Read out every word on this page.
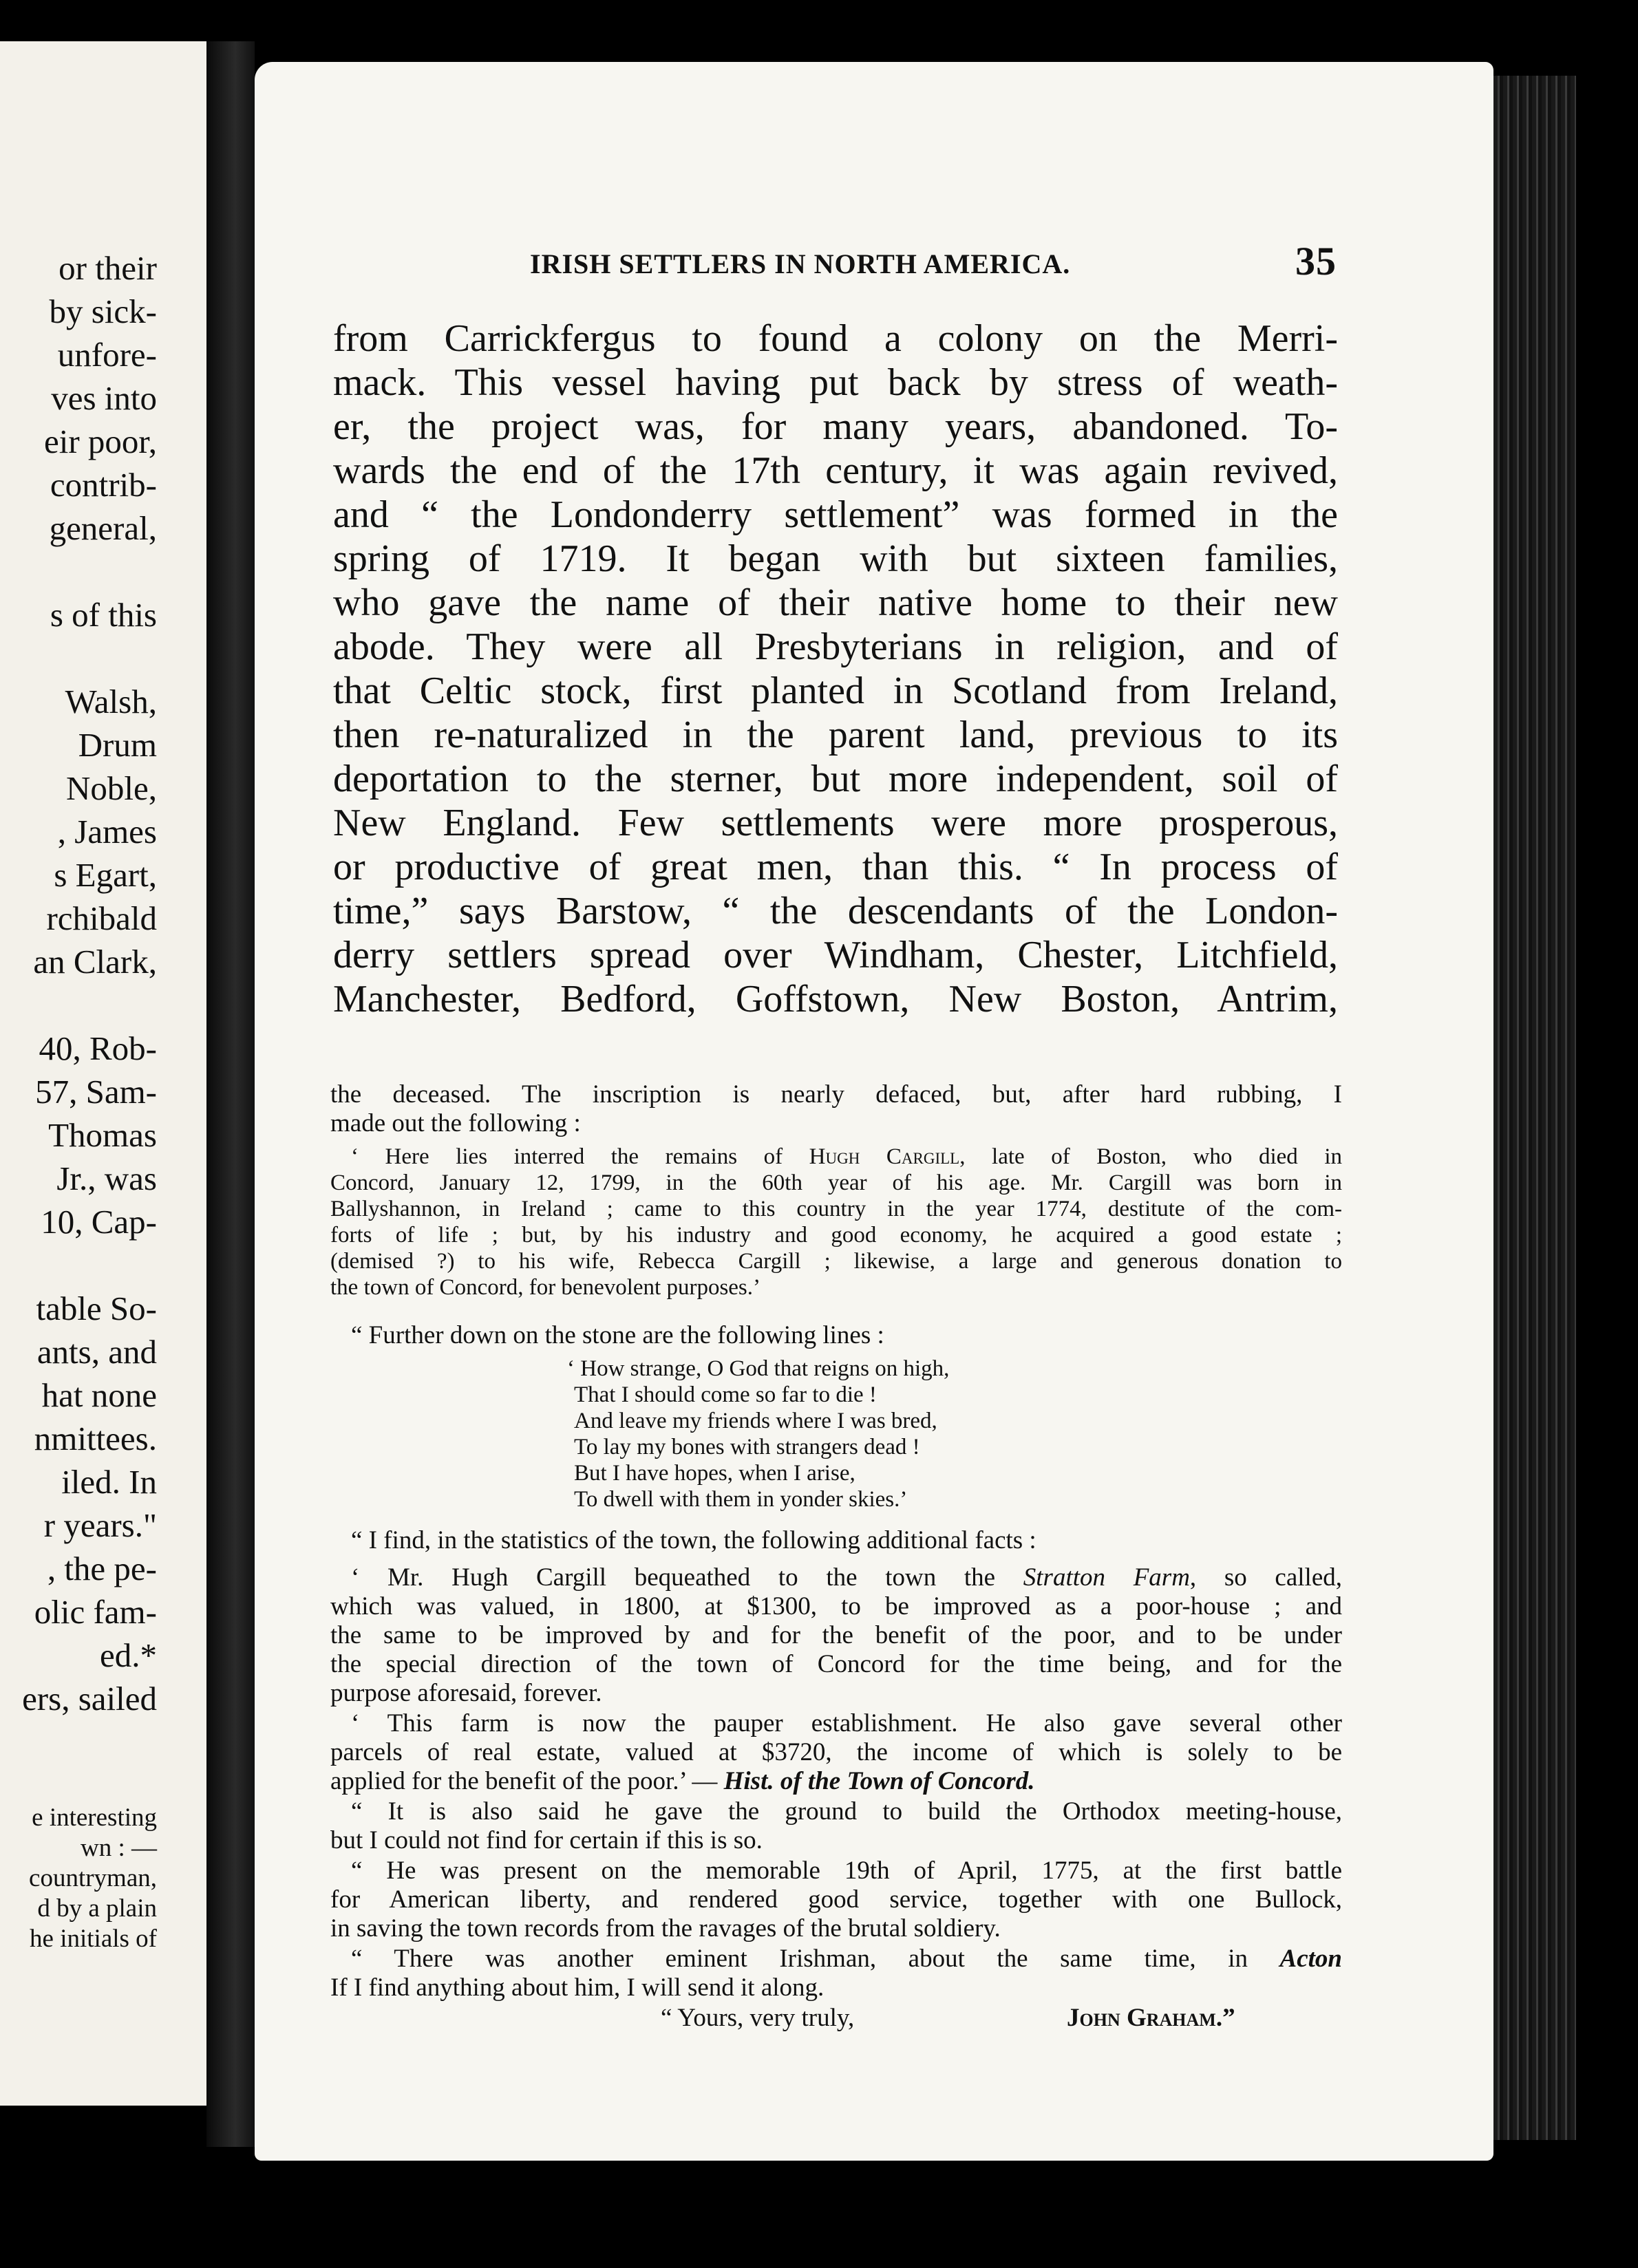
or their
by sick-
unfore-
ves into
eir poor,
contrib-
general,
s of this
Walsh,
Drum
Noble,
, James
s Egart,
rchibald
an Clark,
40, Rob-
57, Sam-
Thomas
Jr., was
10, Cap-
table So-
ants, and
hat none
nmittees.
iled. In
r years."
, the pe-
olic fam-
ed.*
ers, sailed
e interesting
wn : —
countryman,
d by a plain
he initials of
IRISH SETTLERS IN NORTH AMERICA.	35
from Carrickfergus to found a colony on the Merri-
mack. This vessel having put back by stress of weath-
er, the project was, for many years, abandoned. To-
wards the end of the 17th century, it was again revived,
and “ the Londonderry settlement” was formed in the
spring of 1719. It began with but sixteen families,
who gave the name of their native home to their new
abode. They were all Presbyterians in religion, and of
that Celtic stock, first planted in Scotland from Ireland,
then re-naturalized in the parent land, previous to its
deportation to the sterner, but more independent, soil of
New England. Few settlements were more prosperous,
or productive of great men, than this. “ In process of
time,” says Barstow, “ the descendants of the London-
derry settlers spread over Windham, Chester, Litchfield,
Manchester, Bedford, Goffstown, New Boston, Antrim,
the deceased. The inscription is nearly defaced, but, after hard rubbing, I
made out the following :
‘ Here lies interred the remains of Hugh Cargill, late of Boston, who died in
Concord, January 12, 1799, in the 60th year of his age. Mr. Cargill was born in
Ballyshannon, in Ireland ; came to this country in the year 1774, destitute of the com-
forts of life ; but, by his industry and good economy, he acquired a good estate ;
(demised ?) to his wife, Rebecca Cargill ; likewise, a large and generous donation to
the town of Concord, for benevolent purposes.’
“ Further down on the stone are the following lines :
‘ How strange, O God that reigns on high,
That I should come so far to die !
And leave my friends where I was bred,
To lay my bones with strangers dead !
But I have hopes, when I arise,
To dwell with them in yonder skies.’
“ I find, in the statistics of the town, the following additional facts :
‘ Mr. Hugh Cargill bequeathed to the town the Stratton Farm, so called,
which was valued, in 1800, at $1300, to be improved as a poor-house ; and
the same to be improved by and for the benefit of the poor, and to be under
the special direction of the town of Concord for the time being, and for the
purpose aforesaid, forever.
‘ This farm is now the pauper establishment. He also gave several other
parcels of real estate, valued at $3720, the income of which is solely to be
applied for the benefit of the poor.’ — Hist. of the Town of Concord.
“ It is also said he gave the ground to build the Orthodox meeting-house,
but I could not find for certain if this is so.
“ He was present on the memorable 19th of April, 1775, at the first battle
for American liberty, and rendered good service, together with one Bullock,
in saving the town records from the ravages of the brutal soldiery.
“ There was another eminent Irishman, about the same time, in Acton
If I find anything about him, I will send it along.
“ Yours, very truly,	John Graham.”
